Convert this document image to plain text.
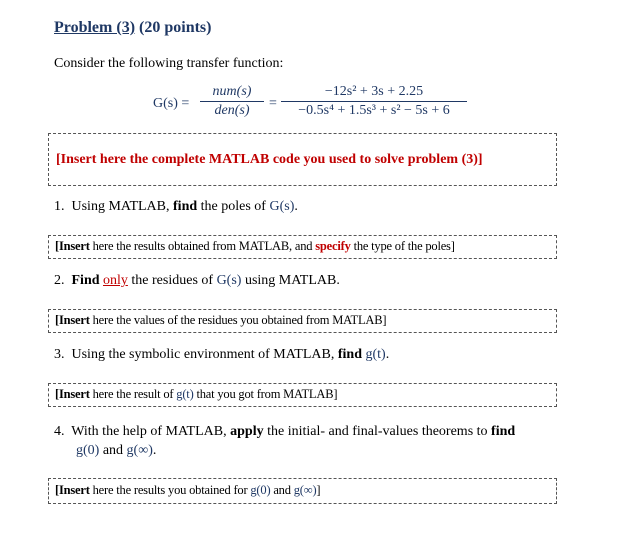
Problem (3) (20 points)
Consider the following transfer function:
G(s) =
num(s)
den(s)	= $\frac{\text{−12s² + 3s + 2.25}}{\text{−0.5s⁴ + 1.5s³ + s² − 5s + 6}}$
[Insert here the complete MATLAB code you used to solve problem (3)]
1. Using MATLAB, find the poles of G(s).
[Insert here the results obtained from MATLAB, and specify the type of the poles]
2. Find only the residues of G(s) using MATLAB.
[Insert here the values of the residues you obtained from MATLAB]
3. Using the symbolic environment of MATLAB, find g(t).
[Insert here the result of g(t) that you got from MATLAB]
4. With the help of MATLAB, apply the initial- and final-values theorems to find
g(0) and g(∞).
[Insert here the results you obtained for g(0) and g(∞)]
